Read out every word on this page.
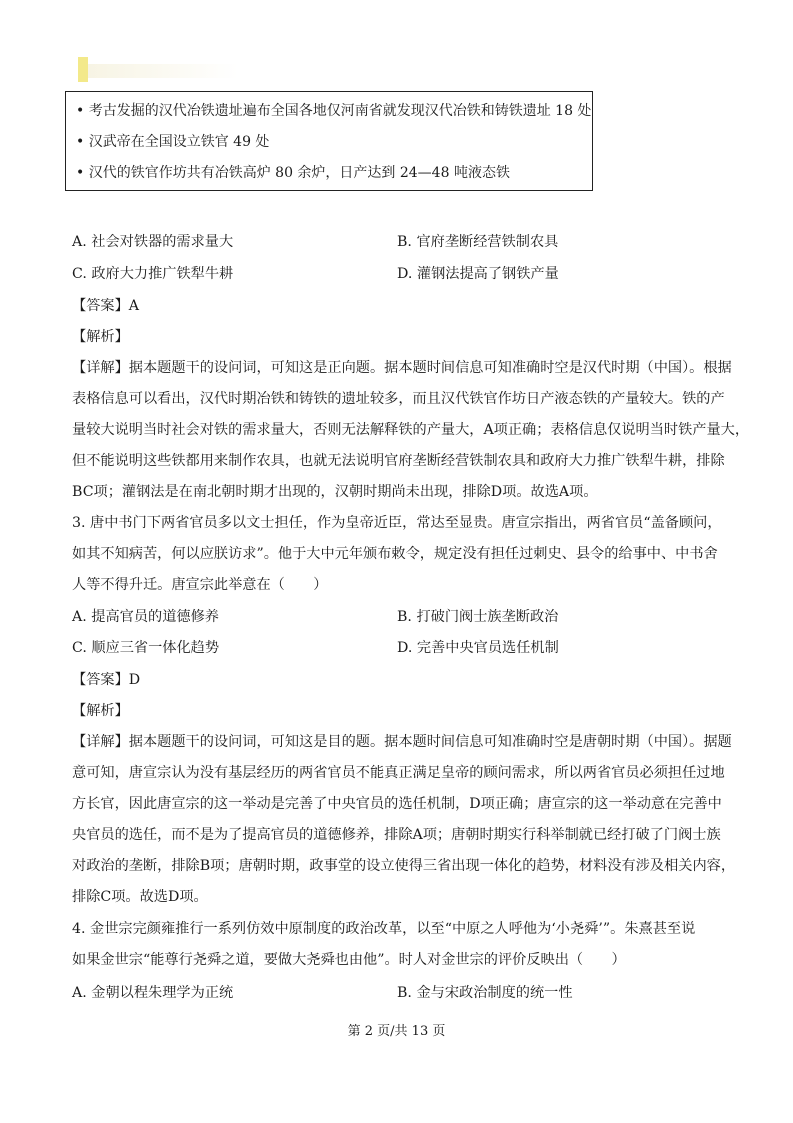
• 考古发掘的汉代冶铁遗址遍布全国各地仅河南省就发现汉代冶铁和铸铁遗址 18 处
• 汉武帝在全国设立铁官 49 处
• 汉代的铁官作坊共有冶铁高炉 80 余炉，日产达到 24—48 吨液态铁
A. 社会对铁器的需求量大	B. 官府垄断经营铁制农具
C. 政府大力推广铁犁牛耕	D. 灌钢法提高了钢铁产量
【答案】A
【解析】
【详解】据本题题干的设问词，可知这是正向题。据本题时间信息可知准确时空是汉代时期（中国）。根据
表格信息可以看出，汉代时期冶铁和铸铁的遗址较多，而且汉代铁官作坊日产液态铁的产量较大。铁的产
量较大说明当时社会对铁的需求量大，否则无法解释铁的产量大，A项正确；表格信息仅说明当时铁产量大，
但不能说明这些铁都用来制作农具，也就无法说明官府垄断经营铁制农具和政府大力推广铁犁牛耕，排除
BC项；灌钢法是在南北朝时期才出现的，汉朝时期尚未出现，排除D项。故选A项。
3. 唐中书门下两省官员多以文士担任，作为皇帝近臣，常达至显贵。唐宣宗指出，两省官员“盖备顾问，
如其不知病苦，何以应朕访求”。他于大中元年颁布敕令，规定没有担任过刺史、县令的给事中、中书舍
人等不得升迁。唐宣宗此举意在（　　）
A. 提高官员的道德修养	B. 打破门阀士族垄断政治
C. 顺应三省一体化趋势	D. 完善中央官员选任机制
【答案】D
【解析】
【详解】据本题题干的设问词，可知这是目的题。据本题时间信息可知准确时空是唐朝时期（中国）。据题
意可知，唐宣宗认为没有基层经历的两省官员不能真正满足皇帝的顾问需求，所以两省官员必须担任过地
方长官，因此唐宣宗的这一举动是完善了中央官员的选任机制，D项正确；唐宣宗的这一举动意在完善中
央官员的选任，而不是为了提高官员的道德修养，排除A项；唐朝时期实行科举制就已经打破了门阀士族
对政治的垄断，排除B项；唐朝时期，政事堂的设立使得三省出现一体化的趋势，材料没有涉及相关内容，
排除C项。故选D项。
4. 金世宗完颜雍推行一系列仿效中原制度的政治改革，以至“中原之人呼他为‘小尧舜’”。朱熹甚至说
如果金世宗“能尊行尧舜之道，要做大尧舜也由他”。时人对金世宗的评价反映出（　　）
A. 金朝以程朱理学为正统	B. 金与宋政治制度的统一性
第 2 页/共 13 页
